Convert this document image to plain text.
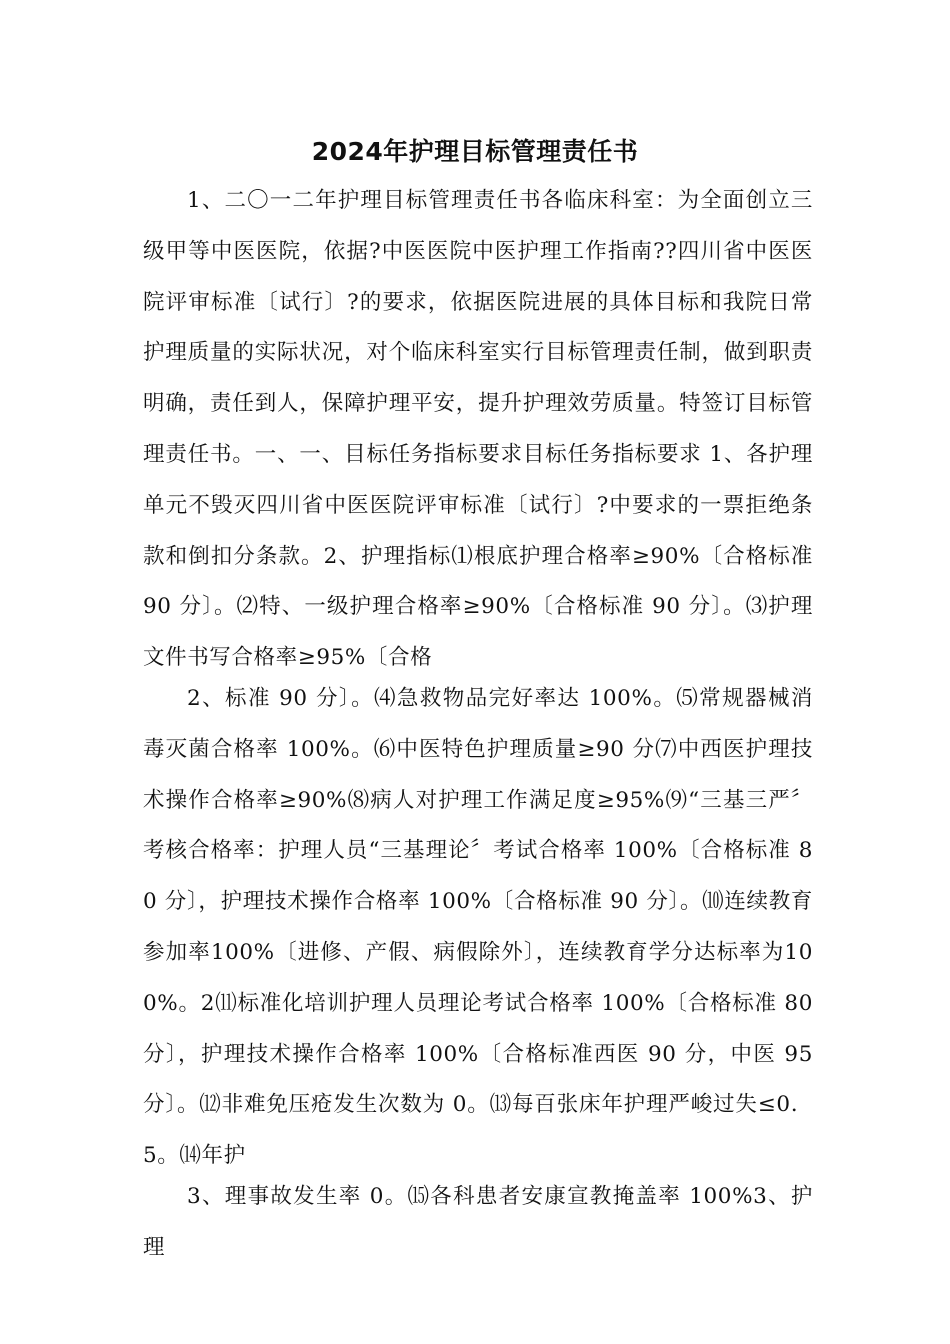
2024年护理目标管理责任书

1、二〇一二年护理目标管理责任书各临床科室：为全面创立三级甲等中医医院，依据?中医医院中医护理工作指南??四川省中医医院评审标准〔试行〕?的要求，依据医院进展的具体目标和我院日常护理质量的实际状况，对个临床科室实行目标管理责任制，做到职责明确，责任到人，保障护理平安，提升护理效劳质量。特签订目标管理责任书。一、一、目标任务指标要求目标任务指标要求 1、各护理单元不毁灭四川省中医医院评审标准〔试行〕?中要求的一票拒绝条款和倒扣分条款。2、护理指标⑴根底护理合格率≥90%〔合格标准 90 分〕。⑵特、一级护理合格率≥90%〔合格标准 90 分〕。⑶护理文件书写合格率≥95%〔合格

2、标准 90 分〕。⑷急救物品完好率达 100%。⑸常规器械消毒灭菌合格率 100%。⑹中医特色护理质量≥90 分⑺中西医护理技术操作合格率≥90%⑻病人对护理工作满足度≥95%⑼“三基三严〞考核合格率：护理人员“三基理论〞考试合格率 100%〔合格标准 80 分〕，护理技术操作合格率 100%〔合格标准 90 分〕。⑽连续教育参加率100%〔进修、产假、病假除外〕，连续教育学分达标率为100%。2⑾标准化培训护理人员理论考试合格率 100%〔合格标准 80分〕，护理技术操作合格率 100%〔合格标准西医 90 分，中医 95分〕。⑿非难免压疮发生次数为 0。⒀每百张床年护理严峻过失≤0．5。⒁年护

3、理事故发生率 0。⒂各科患者安康宣教掩盖率 100%3、护理
